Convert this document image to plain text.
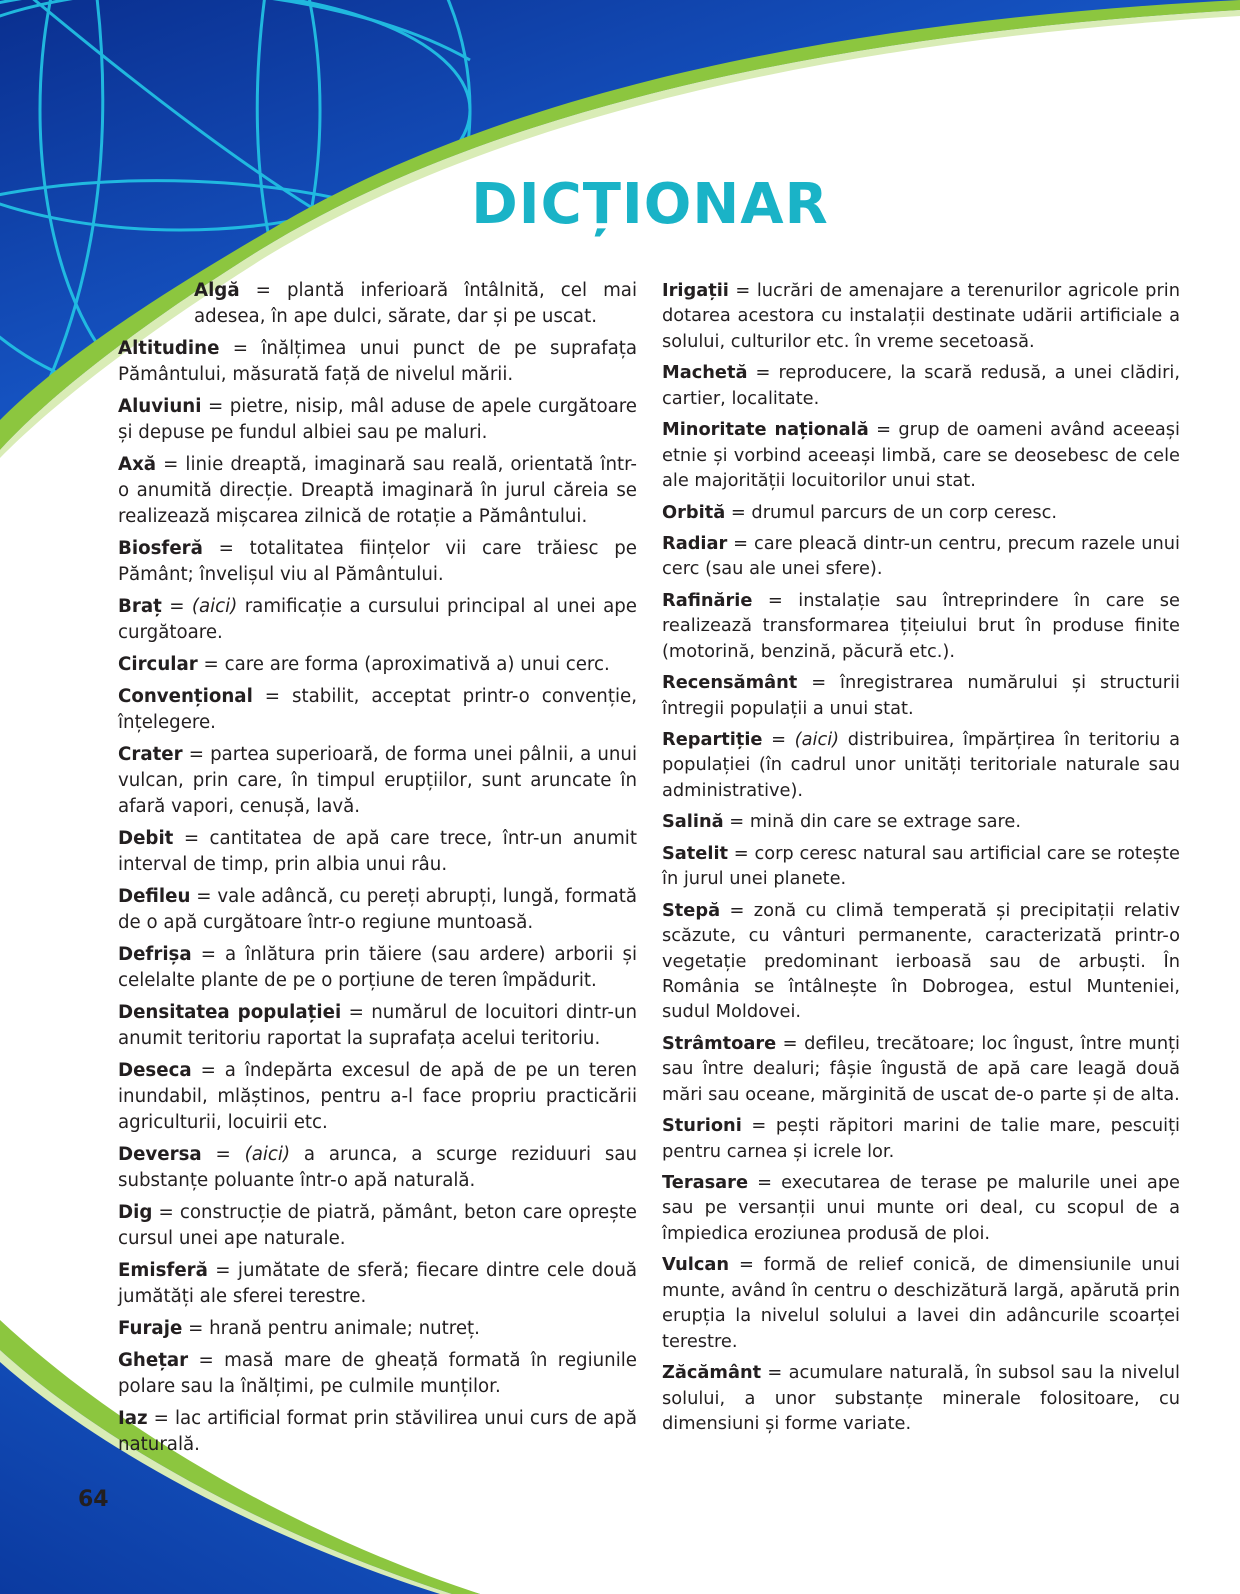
DICȚIONAR

Algă = plantă inferioară întâlnită, cel mai adesea, în ape dulci, sărate, dar și pe uscat.

Altitudine = înălțimea unui punct de pe suprafața Pământului, măsurată față de nivelul mării.

Aluviuni = pietre, nisip, mâl aduse de apele curgătoare și depuse pe fundul albiei sau pe maluri.

Axă = linie dreaptă, imaginară sau reală, orientată într-o anumită direcție. Dreaptă imaginară în jurul căreia se realizează mișcarea zilnică de rotație a Pământului.

Biosferă = totalitatea ființelor vii care trăiesc pe Pământ; învelișul viu al Pământului.

Braț = (aici) ramificație a cursului principal al unei ape curgătoare.

Circular = care are forma (aproximativă a) unui cerc.

Convențional = stabilit, acceptat printr-o convenție, înțelegere.

Crater = partea superioară, de forma unei pâlnii, a unui vulcan, prin care, în timpul erupțiilor, sunt aruncate în afară vapori, cenușă, lavă.

Debit = cantitatea de apă care trece, într-un anumit interval de timp, prin albia unui râu.

Defileu = vale adâncă, cu pereți abrupți, lungă, formată de o apă curgătoare într-o regiune muntoasă.

Defrișa = a înlătura prin tăiere (sau ardere) arborii și celelalte plante de pe o porțiune de teren împădurit.

Densitatea populației = numărul de locuitori dintr-un anumit teritoriu raportat la suprafața acelui teritoriu.

Deseca = a îndepărta excesul de apă de pe un teren inundabil, mlăștinos, pentru a-l face propriu practicării agriculturii, locuirii etc.

Deversa = (aici) a arunca, a scurge reziduuri sau substanțe poluante într-o apă naturală.

Dig = construcție de piatră, pământ, beton care oprește cursul unei ape naturale.

Emisferă = jumătate de sferă; fiecare dintre cele două jumătăți ale sferei terestre.

Furaje = hrană pentru animale; nutreț.

Ghețar = masă mare de gheață formată în regiunile polare sau la înălțimi, pe culmile munților.

Iaz = lac artificial format prin stăvilirea unui curs de apă naturală.

Irigații = lucrări de amenajare a terenurilor agricole prin dotarea acestora cu instalații destinate udării artificiale a solului, culturilor etc. în vreme secetoasă.

Machetă = reproducere, la scară redusă, a unei clădiri, cartier, localitate.

Minoritate națională = grup de oameni având aceeași etnie și vorbind aceeași limbă, care se deosebesc de cele ale majorității locuitorilor unui stat.

Orbită = drumul parcurs de un corp ceresc.

Radiar = care pleacă dintr-un centru, precum razele unui cerc (sau ale unei sfere).

Rafinărie = instalație sau întreprindere în care se realizează transformarea țițeiului brut în produse finite (motorină, benzină, păcură etc.).

Recensământ = înregistrarea numărului și structurii întregii populații a unui stat.

Repartiție = (aici) distribuirea, împărțirea în teritoriu a populației (în cadrul unor unități teritoriale naturale sau administrative).

Salină = mină din care se extrage sare.

Satelit = corp ceresc natural sau artificial care se rotește în jurul unei planete.

Stepă = zonă cu climă temperată și precipitații relativ scăzute, cu vânturi permanente, caracterizată printr-o vegetație predominant ierboasă sau de arbuști. În România se întâlnește în Dobrogea, estul Munteniei, sudul Moldovei.

Strâmtoare = defileu, trecătoare; loc îngust, între munți sau între dealuri; fâșie îngustă de apă care leagă două mări sau oceane, mărginită de uscat de-o parte și de alta.

Sturioni = pești răpitori marini de talie mare, pescuiți pentru carnea și icrele lor.

Terasare = executarea de terase pe malurile unei ape sau pe versanții unui munte ori deal, cu scopul de a împiedica eroziunea produsă de ploi.

Vulcan = formă de relief conică, de dimensiunile unui munte, având în centru o deschizătură largă, apărută prin erupția la nivelul solului a lavei din adâncurile scoarței terestre.

Zăcământ = acumulare naturală, în subsol sau la nivelul solului, a unor substanțe minerale folositoare, cu dimensiuni și forme variate.

64
